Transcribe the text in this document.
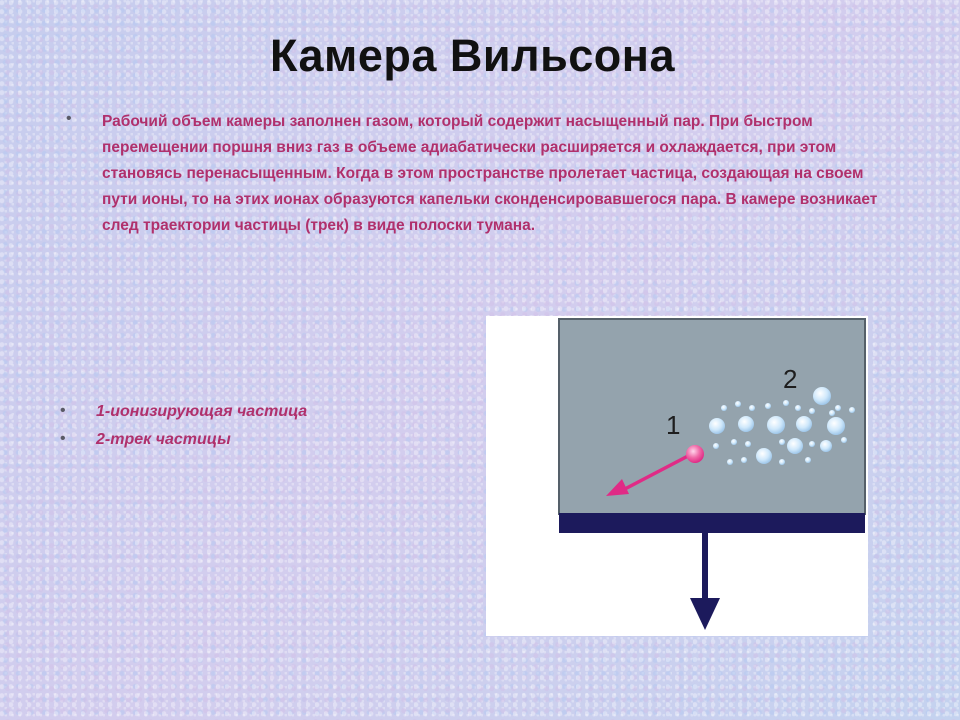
Камера Вильсона
• Рабочий объем камеры заполнен газом, который содержит насыщенный пар. При быстром перемещении поршня вниз газ в объеме адиабатически расширяется и охлаждается, при этом становясь перенасыщенным. Когда в этом пространстве пролетает частица, создающая на своем пути ионы, то на этих ионах образуются капельки сконденсировавшегося пара. В камере возникает след траектории частицы (трек) в виде полоски тумана.
• 1-ионизирующая частица
• 2-трек частицы	1
2
